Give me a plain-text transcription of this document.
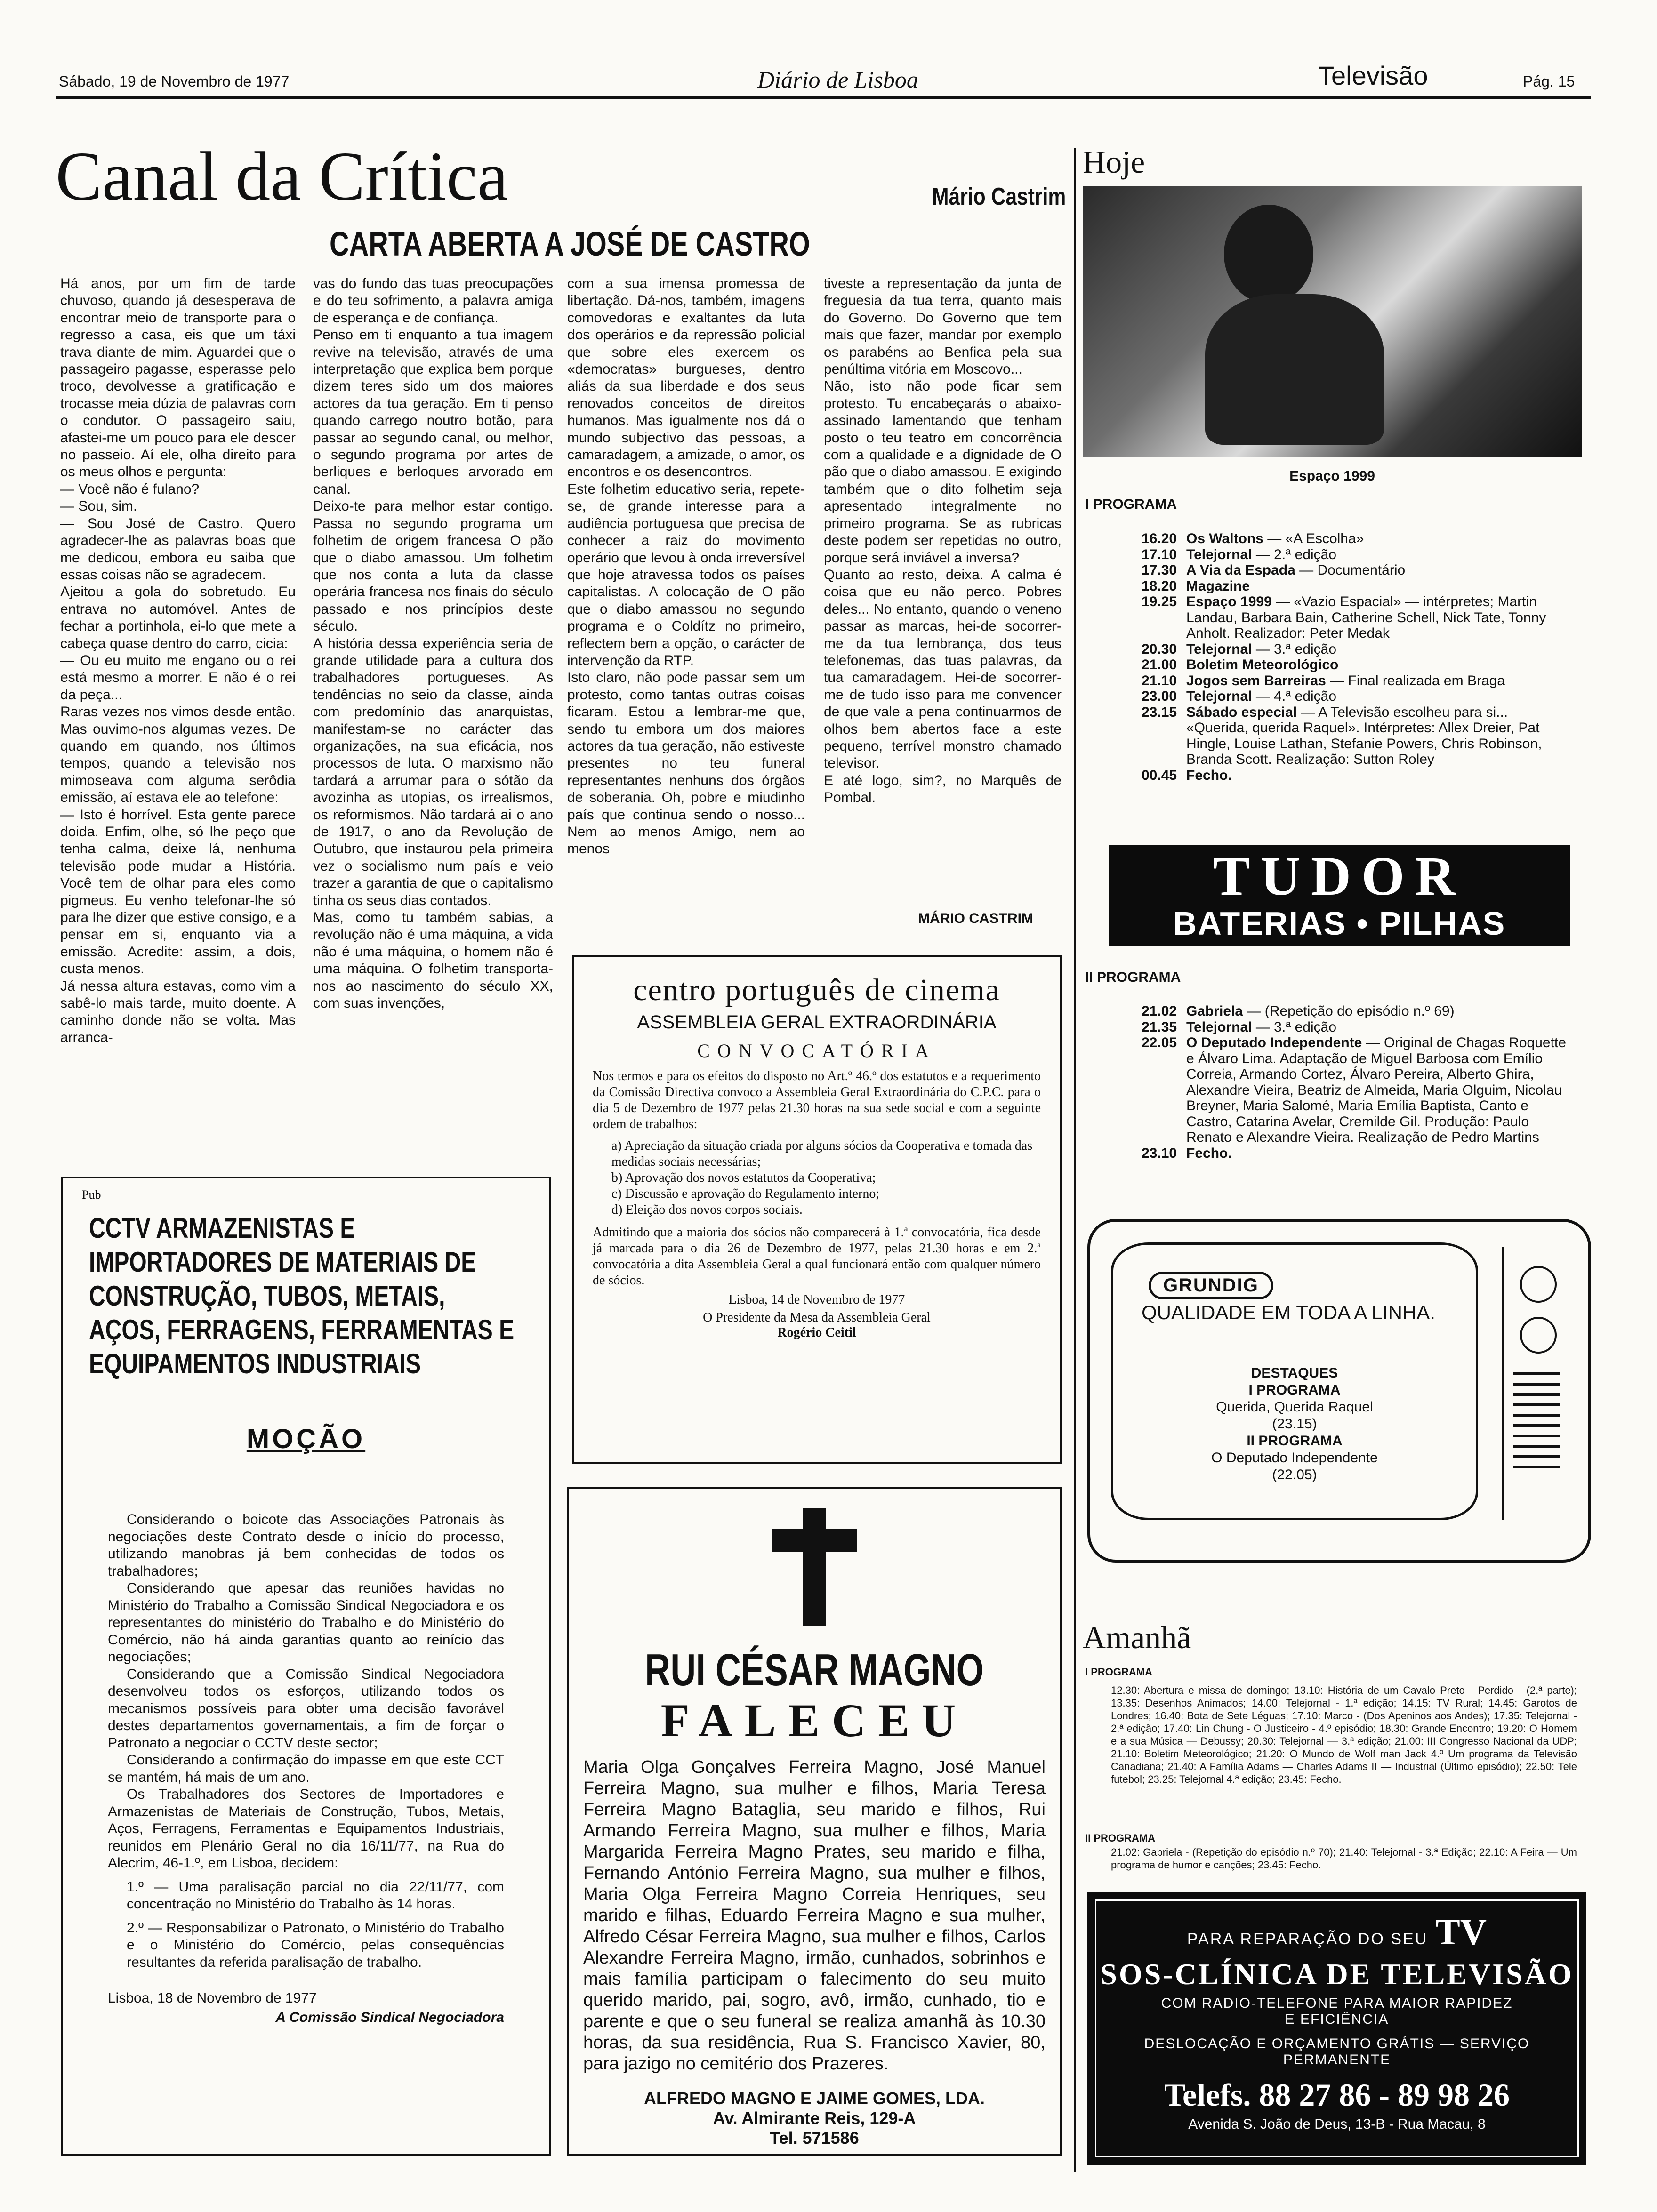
Sábado, 19 de Novembro de 1977	Diário de Lisboa	Televisão	Pág. 15
Canal da Crítica	Mário Castrim
CARTA ABERTA A JOSÉ DE CASTRO
Há anos, por um fim de tarde chuvoso, quando já desesperava de encontrar meio de transporte para o regresso a casa, eis que um táxi trava diante de mim. Aguardei que o passageiro pagasse, esperasse pelo troco, devolvesse a gratificação e trocasse meia dúzia de palavras com o condutor. O passageiro saiu, afastei-me um pouco para ele descer no passeio. Aí ele, olha direito para os meus olhos e pergunta:
— Você não é fulano?
— Sou, sim.
— Sou José de Castro. Quero agradecer-lhe as palavras boas que me dedicou, embora eu saiba que essas coisas não se agradecem.
Ajeitou a gola do sobretudo. Eu entrava no automóvel. Antes de fechar a portinhola, ei-lo que mete a cabeça quase dentro do carro, cicia:
— Ou eu muito me engano ou o rei está mesmo a morrer. E não é o rei da peça...
Raras vezes nos vimos desde então. Mas ouvimo-nos algumas vezes. De quando em quando, nos últimos tempos, quando a televisão nos mimoseava com alguma serôdia emissão, aí estava ele ao telefone:
— Isto é horrível. Esta gente parece doida. Enfim, olhe, só lhe peço que tenha calma, deixe lá, nenhuma televisão pode mudar a História. Você tem de olhar para eles como pigmeus. Eu venho telefonar-lhe só para lhe dizer que estive consigo, e a pensar em si, enquanto via a emissão. Acredite: assim, a dois, custa menos.
Já nessa altura estavas, como vim a sabê-lo mais tarde, muito doente. A caminho donde não se volta. Mas arranca-
vas do fundo das tuas preocupações e do teu sofrimento, a palavra amiga de esperança e de confiança.
Penso em ti enquanto a tua imagem revive na televisão, através de uma interpretação que explica bem porque dizem teres sido um dos maiores actores da tua geração. Em ti penso quando carrego noutro botão, para passar ao segundo canal, ou melhor, o segundo programa por artes de berliques e berloques arvorado em canal.
Deixo-te para melhor estar contigo. Passa no segundo programa um folhetim de origem francesa O pão que o diabo amassou. Um folhetim que nos conta a luta da classe operária francesa nos finais do século passado e nos princípios deste século.
A história dessa experiência seria de grande utilidade para a cultura dos trabalhadores portugueses. As tendências no seio da classe, ainda com predomínio das anarquistas, manifestam-se no carácter das organizações, na sua eficácia, nos processos de luta. O marxismo não tardará a arrumar para o sótão da avozinha as utopias, os irrealismos, os reformismos. Não tardará ai o ano de 1917, o ano da Revolução de Outubro, que instaurou pela primeira vez o socialismo num país e veio trazer a garantia de que o capitalismo tinha os seus dias contados.
Mas, como tu também sabias, a revolução não é uma máquina, a vida não é uma máquina, o homem não é uma máquina. O folhetim transporta-nos ao nascimento do século XX, com suas invenções,
com a sua imensa promessa de libertação. Dá-nos, também, imagens comovedoras e exaltantes da luta dos operários e da repressão policial que sobre eles exercem os «democratas» burgueses, dentro aliás da sua liberdade e dos seus renovados conceitos de direitos humanos. Mas igualmente nos dá o mundo subjectivo das pessoas, a camaradagem, a amizade, o amor, os encontros e os desencontros.
Este folhetim educativo seria, repete-se, de grande interesse para a audiência portuguesa que precisa de conhecer a raiz do movimento operário que levou à onda irreversível que hoje atravessa todos os países capitalistas. A colocação de O pão que o diabo amassou no segundo programa e o Coldítz no primeiro, reflectem bem a opção, o carácter de intervenção da RTP.
Isto claro, não pode passar sem um protesto, como tantas outras coisas ficaram. Estou a lembrar-me que, sendo tu embora um dos maiores actores da tua geração, não estiveste presentes no teu funeral representantes nenhuns dos órgãos de soberania. Oh, pobre e miudinho país que continua sendo o nosso... Nem ao menos Amigo, nem ao menos
tiveste a representação da junta de freguesia da tua terra, quanto mais do Governo. Do Governo que tem mais que fazer, mandar por exemplo os parabéns ao Benfica pela sua penúltima vitória em Moscovo...
Não, isto não pode ficar sem protesto. Tu encabeçarás o abaixo-assinado lamentando que tenham posto o teu teatro em concorrência com a qualidade e a dignidade de O pão que o diabo amassou. E exigindo também que o dito folhetim seja apresentado integralmente no primeiro programa. Se as rubricas deste podem ser repetidas no outro, porque será inviável a inversa?
Quanto ao resto, deixa. A calma é coisa que eu não perco. Pobres deles... No entanto, quando o veneno passar as marcas, hei-de socorrer-me da tua lembrança, dos teus telefonemas, das tuas palavras, da tua camaradagem. Hei-de socorrer-me de tudo isso para me convencer de que vale a pena continuarmos de olhos bem abertos face a este pequeno, terrível monstro chamado televisor.
E até logo, sim?, no Marquês de Pombal.
MÁRIO CASTRIM
centro português de cinema
ASSEMBLEIA GERAL EXTRAORDINÁRIA
CONVOCATÓRIA
Nos termos e para os efeitos do disposto no Art.º 46.º dos estatutos e a requerimento da Comissão Directiva convoco a Assembleia Geral Extraordinária do C.P.C. para o dia 5 de Dezembro de 1977 pelas 21.30 horas na sua sede social e com a seguinte ordem de trabalhos:
a) Apreciação da situação criada por alguns sócios da Cooperativa e tomada das medidas sociais necessárias;
b) Aprovação dos novos estatutos da Cooperativa;
c) Discussão e aprovação do Regulamento interno;
d) Eleição dos novos corpos sociais.
Admitindo que a maioria dos sócios não comparecerá à 1.ª convocatória, fica desde já marcada para o dia 26 de Dezembro de 1977, pelas 21.30 horas e em 2.ª convocatória a dita Assembleia Geral a qual funcionará então com qualquer número de sócios.
Lisboa, 14 de Novembro de 1977
O Presidente da Mesa da Assembleia Geral
Rogério Ceitil
Pub
CCTV ARMAZENISTAS E IMPORTADORES DE MATERIAIS DE CONSTRUÇÃO, TUBOS, METAIS, AÇOS, FERRAGENS, FERRAMENTAS E EQUIPAMENTOS INDUSTRIAIS
MOÇÃO

Considerando o boicote das Associações Patronais às negociações deste Contrato desde o início do processo, utilizando manobras já bem conhecidas de todos os trabalhadores;

Considerando que apesar das reuniões havidas no Ministério do Trabalho a Comissão Sindical Negociadora e os representantes do ministério do Trabalho e do Ministério do Comércio, não há ainda garantias quanto ao reinício das negociações;

Considerando que a Comissão Sindical Negociadora desenvolveu todos os esforços, utilizando todos os mecanismos possíveis para obter uma decisão favorável destes departamentos governamentais, a fim de forçar o Patronato a negociar o CCTV deste sector;

Considerando a confirmação do impasse em que este CCT se mantém, há mais de um ano.

Os Trabalhadores dos Sectores de Importadores e Armazenistas de Materiais de Construção, Tubos, Metais, Aços, Ferragens, Ferramentas e Equipamentos Industriais, reunidos em Plenário Geral no dia 16/11/77, na Rua do Alecrim, 46-1.º, em Lisboa, decidem:

1.º — Uma paralisação parcial no dia 22/11/77, com concentração no Ministério do Trabalho às 14 horas.

2.º — Responsabilizar o Patronato, o Ministério do Trabalho e o Ministério do Comércio, pelas consequências resultantes da referida paralisação de trabalho.

Lisboa, 18 de Novembro de 1977

A Comissão Sindical Negociadora

RUI CÉSAR MAGNO
FALECEU
Maria Olga Gonçalves Ferreira Magno, José Manuel Ferreira Magno, sua mulher e filhos, Maria Teresa Ferreira Magno Bataglia, seu marido e filhos, Rui Armando Ferreira Magno, sua mulher e filhos, Maria Margarida Ferreira Magno Prates, seu marido e filha, Fernando António Ferreira Magno, sua mulher e filhos, Maria Olga Ferreira Magno Correia Henriques, seu marido e filhas, Eduardo Ferreira Magno e sua mulher, Alfredo César Ferreira Magno, sua mulher e filhos, Carlos Alexandre Ferreira Magno, irmão, cunhados, sobrinhos e mais família participam o falecimento do seu muito querido marido, pai, sogro, avô, irmão, cunhado, tio e parente e que o seu funeral se realiza amanhã às 10.30 horas, da sua residência, Rua S. Francisco Xavier, 80, para jazigo no cemitério dos Prazeres.
ALFREDO MAGNO E JAIME GOMES, LDA.
Av. Almirante Reis, 129-A
Tel. 571586
Hoje
Espaço 1999
I PROGRAMA
16.20 Os Waltons — «A Escolha»
17.10 Telejornal — 2.ª edição
17.30 A Via da Espada — Documentário
18.20 Magazine
19.25 Espaço 1999 — «Vazio Espacial» — intérpretes; Martin Landau, Barbara Bain, Catherine Schell, Nick Tate, Tonny Anholt. Realizador: Peter Medak
20.30 Telejornal — 3.ª edição
21.00 Boletim Meteorológico
21.10 Jogos sem Barreiras — Final realizada em Braga
23.00 Telejornal — 4.ª edição
23.15 Sábado especial — A Televisão escolheu para si... «Querida, querida Raquel». Intérpretes: Allex Dreier, Pat Hingle, Louise Lathan, Stefanie Powers, Chris Robinson, Branda Scott. Realização: Sutton Roley
00.45 Fecho.
TUDOR
BATERIAS • PILHAS
II PROGRAMA
21.02 Gabriela — (Repetição do episódio n.º 69)
21.35 Telejornal — 3.ª edição
22.05 O Deputado Independente — Original de Chagas Roquette e Álvaro Lima. Adaptação de Miguel Barbosa com Emílio Correia, Armando Cortez, Álvaro Pereira, Alberto Ghira, Alexandre Vieira, Beatriz de Almeida, Maria Olguim, Nicolau Breyner, Maria Salomé, Maria Emília Baptista, Canto e Castro, Catarina Avelar, Cremilde Gil. Produção: Paulo Renato e Alexandre Vieira. Realização de Pedro Martins
23.10 Fecho.
GRUNDIG
QUALIDADE EM TODA A LINHA.
DESTAQUES
I PROGRAMA
Querida, Querida Raquel
(23.15)
II PROGRAMA
O Deputado Independente
(22.05)
Amanhã
I PROGRAMA
12.30: Abertura e missa de domingo; 13.10: História de um Cavalo Preto - Perdido - (2.ª parte); 13.35: Desenhos Animados; 14.00: Telejornal - 1.ª edição; 14.15: TV Rural; 14.45: Garotos de Londres; 16.40: Bota de Sete Léguas; 17.10: Marco - (Dos Apeninos aos Andes); 17.35: Telejornal - 2.ª edição; 17.40: Lin Chung - O Justiceiro - 4.º episódio; 18.30: Grande Encontro; 19.20: O Homem e a sua Música — Debussy; 20.30: Telejornal — 3.ª edição; 21.00: III Congresso Nacional da UDP; 21.10: Boletim Meteorológico; 21.20: O Mundo de Wolf man Jack 4.º Um programa da Televisão Canadiana; 21.40: A Família Adams — Charles Adams II — Industrial (Último episódio); 22.50: Tele futebol; 23.25: Telejornal 4.ª edição; 23.45: Fecho.
II PROGRAMA
21.02: Gabriela - (Repetição do episódio n.º 70); 21.40: Telejornal - 3.ª Edição; 22.10: A Feira — Um programa de humor e canções; 23.45: Fecho.
PARA REPARAÇÃO DO SEU TV
SOS-CLÍNICA DE TELEVISÃO
COM RADIO-TELEFONE PARA MAIOR RAPIDEZ
E EFICIÊNCIA
DESLOCAÇÃO E ORÇAMENTO GRÁTIS — SERVIÇO
PERMANENTE
Telefs. 88 27 86 - 89 98 26
Avenida S. João de Deus, 13-B - Rua Macau, 8
